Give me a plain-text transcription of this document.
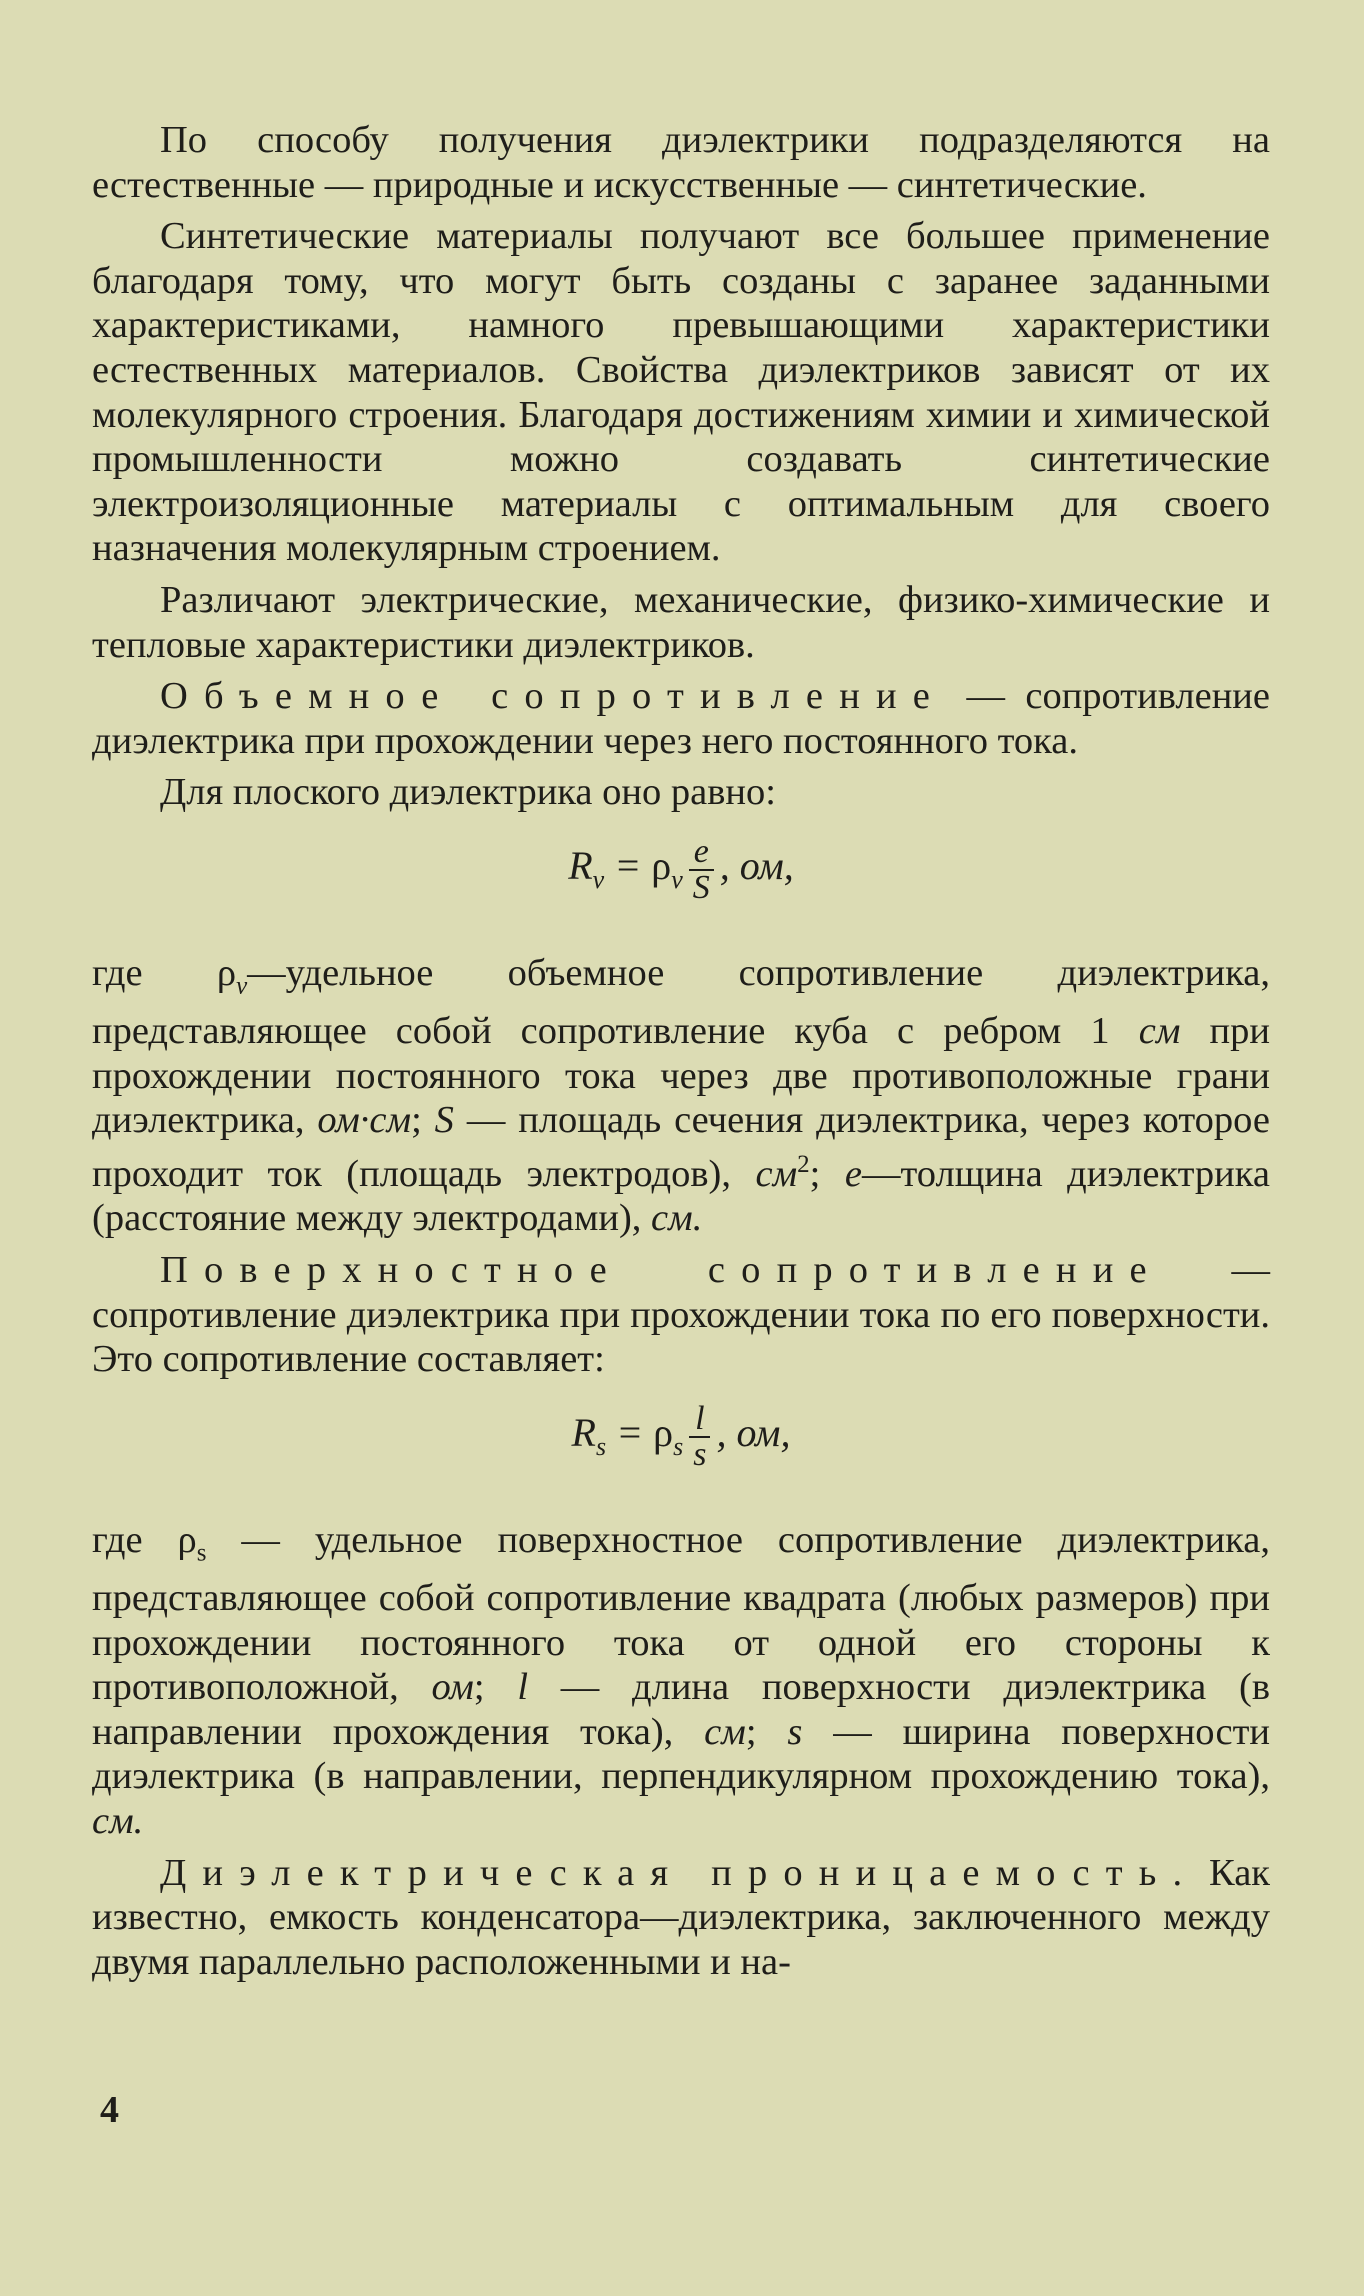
По способу получения диэлектрики подразделяются на естественные — природные и искусственные — синтетические.

Синтетические материалы получают все большее применение благодаря тому, что могут быть созданы с заранее заданными характеристиками, намного превышающими характеристики естественных материалов. Свойства диэлектриков зависят от их молекулярного строения. Благодаря достижениям химии и химической промышленности можно создавать синтетические электроизоляционные материалы с оптимальным для своего назначения молекулярным строением.

Различают электрические, механические, физико-химические и тепловые характеристики диэлектриков.

Объемное сопротивление — сопротивление диэлектрика при прохождении через него постоянного тока.

Для плоского диэлектрика оно равно:

$R_v = \rho_v \frac{e}{S}$ , ом,

где $\rho_v—удельное$ объемное сопротивление диэлектрика, представляющее собой сопротивление куба с ребром 1 см при прохождении постоянного тока через две противоположные грани диэлектрика, ом·см; S — площадь сечения диэлектрика, через которое проходит ток (площадь электродов), $см^2$; e—толщина диэлектрика (расстояние между электродами), см.

Поверхностное сопротивление — сопротивление диэлектрика при прохождении тока по его поверхности. Это сопротивление составляет:

$R_s = \rho_s \frac{l}{s}$ , ом,

где $\rho_s$ — удельное поверхностное сопротивление диэлектрика, представляющее собой сопротивление квадрата (любых размеров) при прохождении постоянного тока от одной его стороны к противоположной, ом; l — длина поверхности диэлектрика (в направлении прохождения тока), см; s — ширина поверхности диэлектрика (в направлении, перпендикулярном прохождению тока), см.

Диэлектрическая проницаемость. Как известно, емкость конденсатора—диэлектрика, заключенного между двумя параллельно расположенными и на-

4
